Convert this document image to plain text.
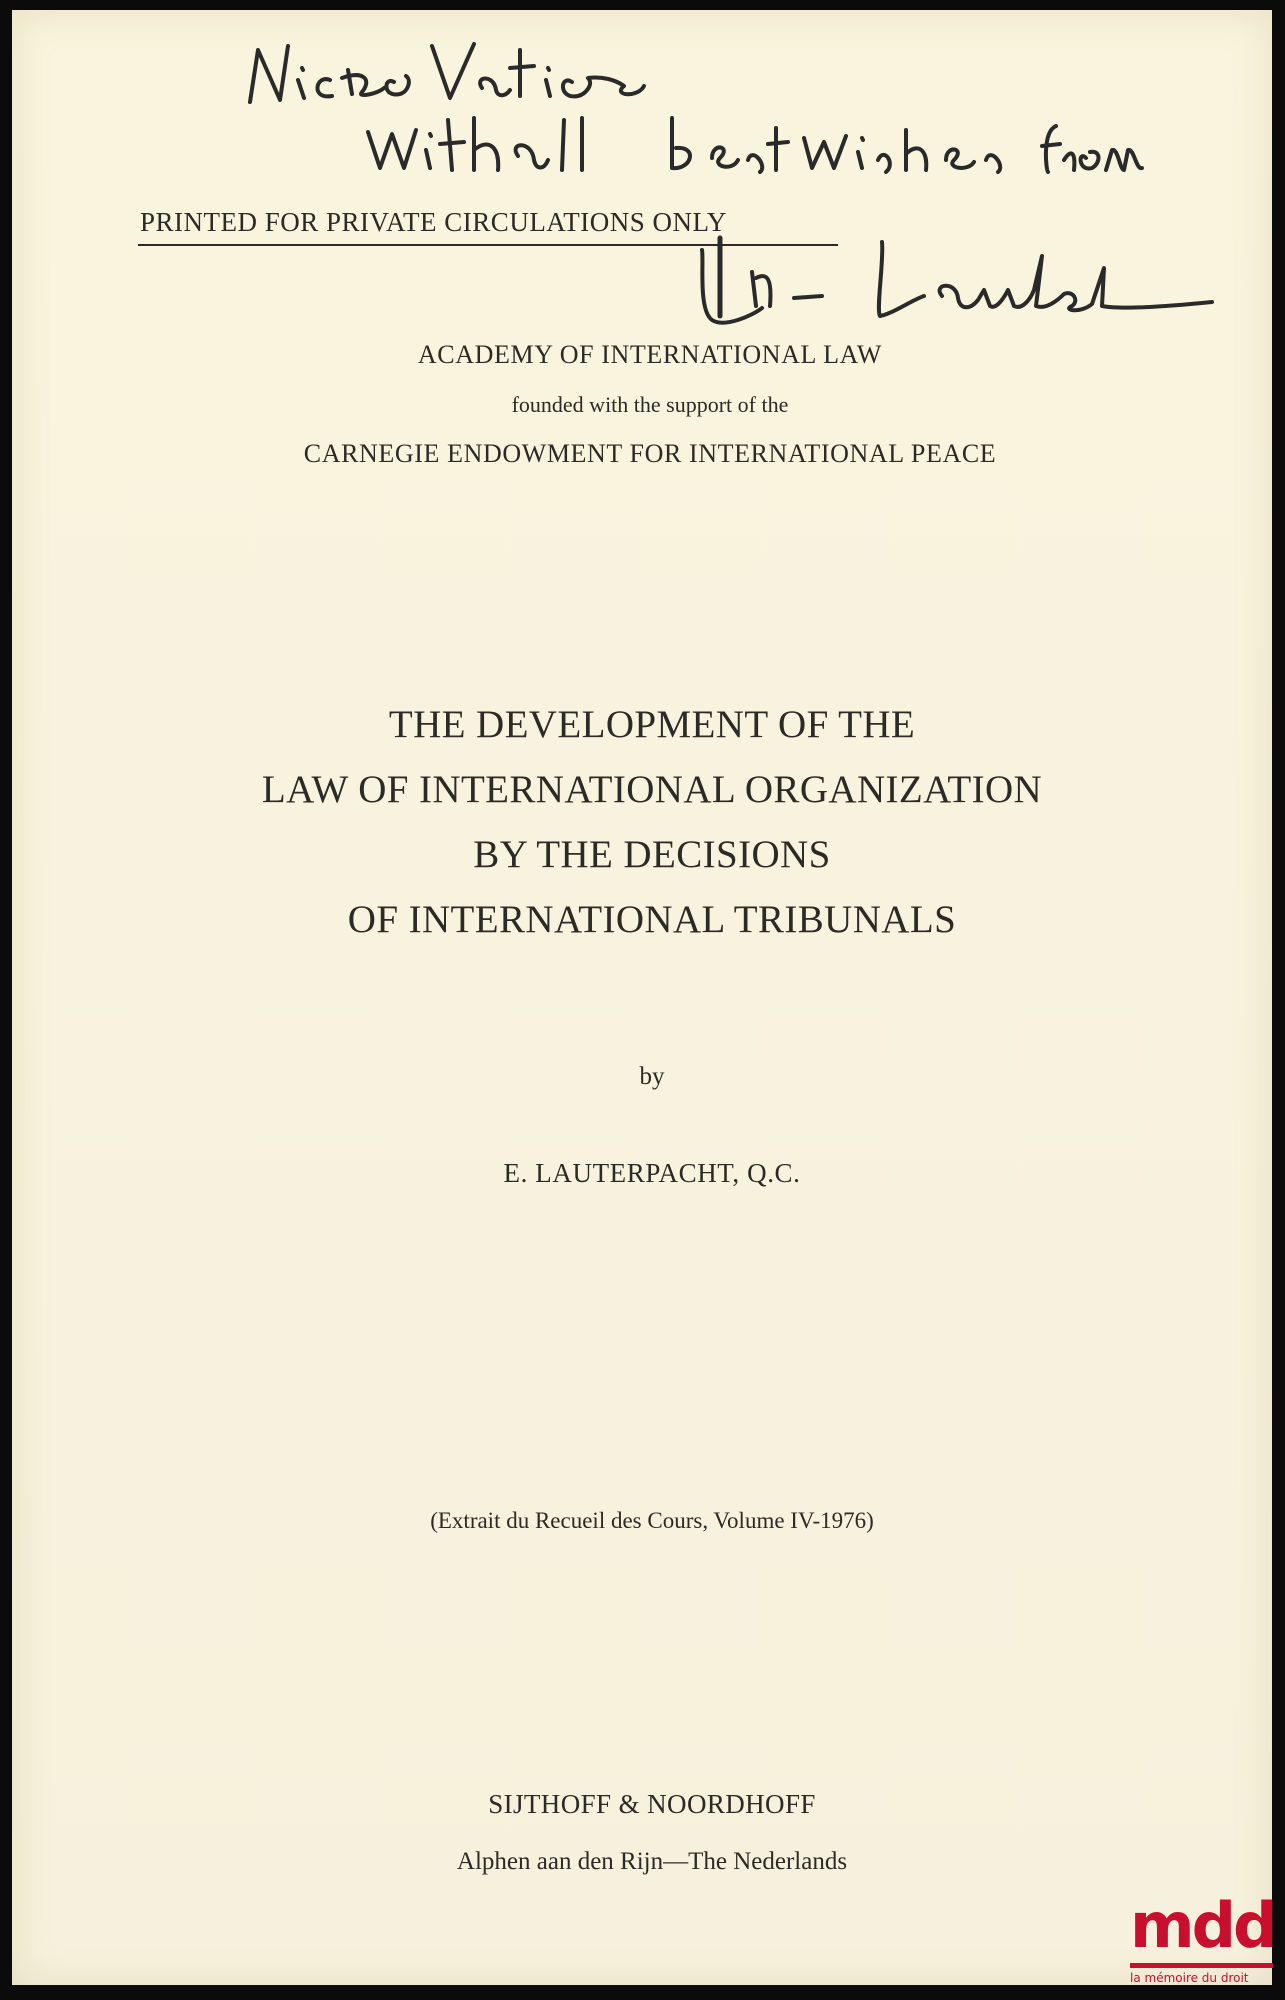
PRINTED FOR PRIVATE CIRCULATIONS ONLY
ACADEMY OF INTERNATIONAL LAW
founded with the support of the
CARNEGIE ENDOWMENT FOR INTERNATIONAL PEACE
THE DEVELOPMENT OF THE
LAW OF INTERNATIONAL ORGANIZATION
BY THE DECISIONS
OF INTERNATIONAL TRIBUNALS
by
E. LAUTERPACHT, Q.C.
(Extrait du Recueil des Cours, Volume IV-1976)
SIJTHOFF & NOORDHOFF
Alphen aan den Rijn—The Nederlands
mdd
la mémoire du droit
